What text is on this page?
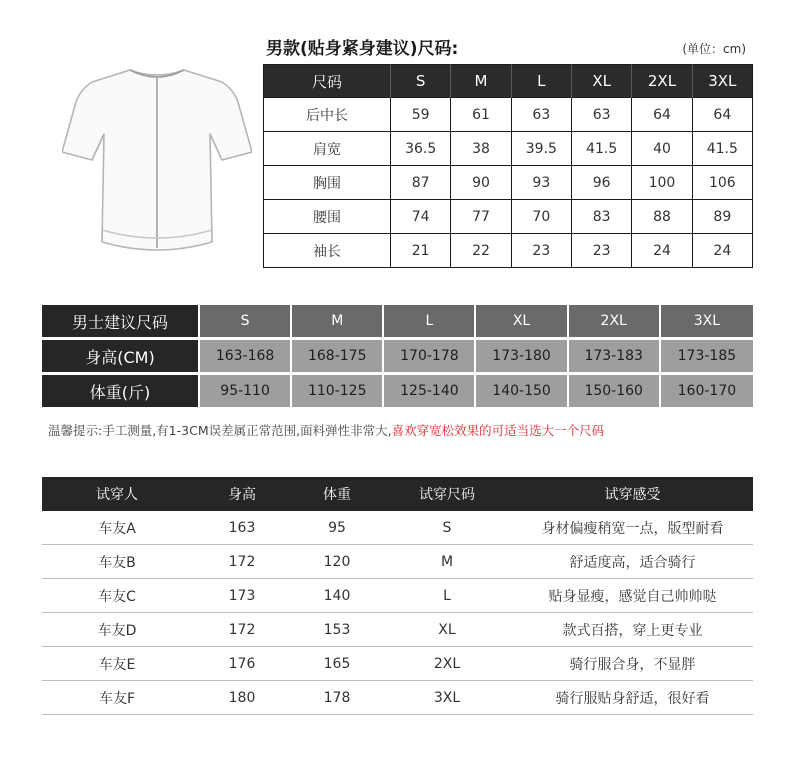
男款(贴身紧身建议)尺码:	(单位：cm)
尺码	S	M	L	XL	2XL	3XL
后中长	59	61	63	63	64	64
肩宽	36.5	38	39.5	41.5	40	41.5
胸围	87	90	93	96	100	106
腰围	74	77	70	83	88	89
袖长	21	22	23	23	24	24
男士建议尺码	S	M	L	XL	2XL	3XL
身高(CM)	163-168	168-175	170-178	173-180	173-183	173-185
体重(斤)	95-110	110-125	125-140	140-150	150-160	160-170
温馨提示:手工测量,有1-3CM误差属正常范围,面料弹性非常大,喜欢穿宽松效果的可适当选大一个尺码
试穿人	身高	体重	试穿尺码	试穿感受
车友A	163	95	S	身材偏瘦稍宽一点，版型耐看
车友B	172	120	M	舒适度高，适合骑行
车友C	173	140	L	贴身显瘦，感觉自己帅帅哒
车友D	172	153	XL	款式百搭，穿上更专业
车友E	176	165	2XL	骑行服合身，不显胖
车友F	180	178	3XL	骑行服贴身舒适，很好看
